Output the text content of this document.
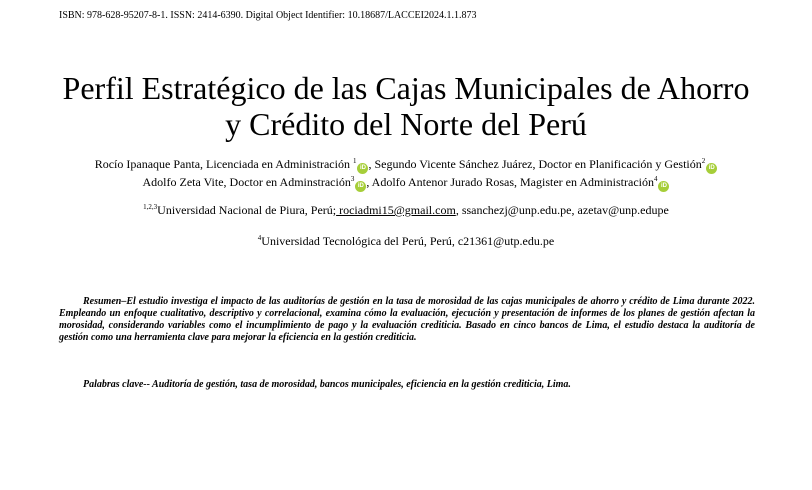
ISBN: 978-628-95207-8-1. ISSN: 2414-6390. Digital Object Identifier: 10.18687/LACCEI2024.1.1.873
Perfil Estratégico de las Cajas Municipales de Ahorro
y Crédito del Norte del Perú
Rocío Ipanaque Panta, Licenciada en Administración $^1$iD , Segundo Vicente Sánchez Juárez, Doctor en Planificación y Gestión$^2$iD
Adolfo Zeta Vite, Doctor en Adminstración$^3$iD , Adolfo Antenor Jurado Rosas, Magister en Administración$^4$iD
$^{1,2,3}$Universidad Nacional de Piura, Perú; rociadmi15@gmail.com, ssanchezj@unp.edu.pe, azetav@unp.edupe
$^4$Universidad Tecnológica del Perú, Perú, c21361@utp.edu.pe

Resumen–El estudio investiga el impacto de las auditorías de gestión en la tasa de morosidad de las cajas municipales de ahorro y crédito de Lima durante 2022. Empleando un enfoque cualitativo, descriptivo y correlacional, examina cómo la evaluación, ejecución y presentación de informes de los planes de gestión afectan la morosidad, considerando variables como el incumplimiento de pago y la evaluación crediticia. Basado en cinco bancos de Lima, el estudio destaca la auditoría de gestión como una herramienta clave para mejorar la eficiencia en la gestión crediticia.

Palabras clave-- Auditoría de gestión, tasa de morosidad, bancos municipales, eficiencia en la gestión crediticia, Lima.
